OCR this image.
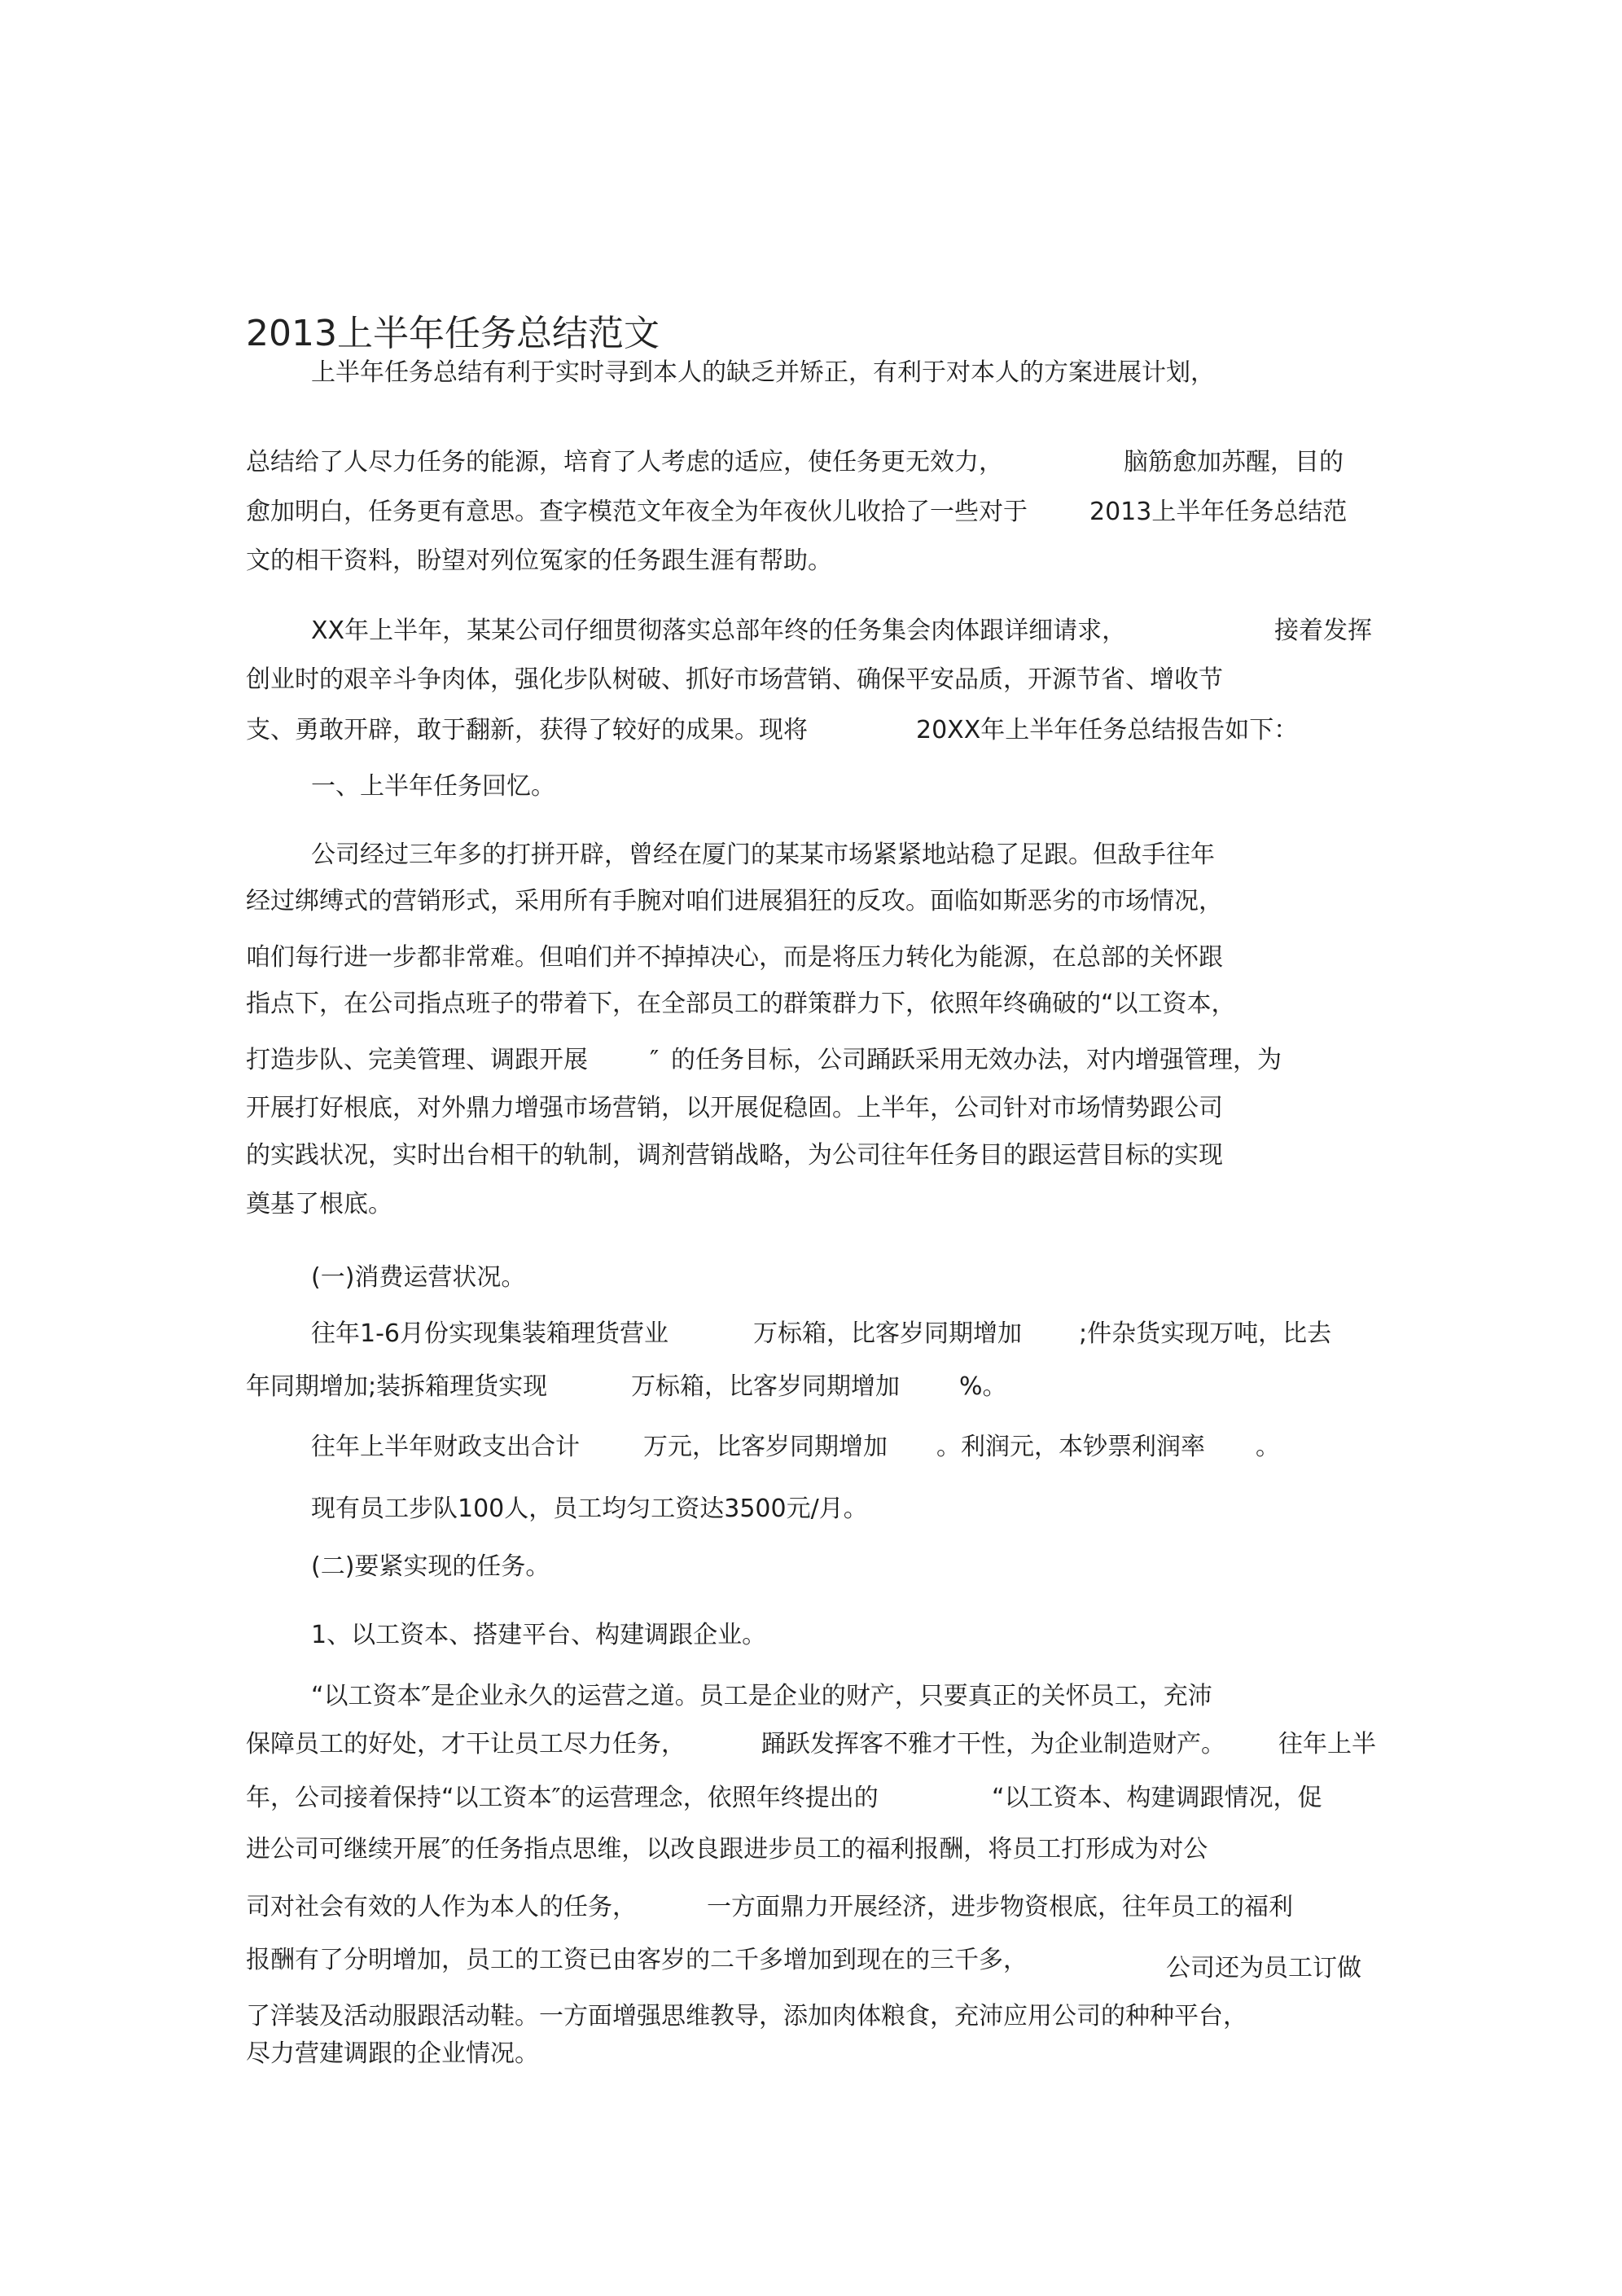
2013上半年任务总结范文
上半年任务总结有利于实时寻到本人的缺乏并矫正，有利于对本人的方案进展计划，
总结给了人尽力任务的能源，培育了人考虑的适应，使任务更无效力，	脑筋愈加苏醒，目的
愈加明白，任务更有意思。查字模范文年夜全为年夜伙儿收拾了一些对于	2013上半年任务总结范
文的相干资料，盼望对列位冤家的任务跟生涯有帮助。
XX年上半年，某某公司仔细贯彻落实总部年终的任务集会肉体跟详细请求，	接着发挥
创业时的艰辛斗争肉体，强化步队树破、抓好市场营销、确保平安品质，开源节省、增收节
支、勇敢开辟，敢于翻新，获得了较好的成果。现将	20XX年上半年任务总结报告如下：
一、上半年任务回忆。
公司经过三年多的打拼开辟，曾经在厦门的某某市场紧紧地站稳了足跟。但敌手往年
经过绑缚式的营销形式，采用所有手腕对咱们进展猖狂的反攻。面临如斯恶劣的市场情况，
咱们每行进一步都非常难。但咱们并不掉掉决心，而是将压力转化为能源，在总部的关怀跟
指点下，在公司指点班子的带着下，在全部员工的群策群力下，依照年终确破的“以工资本，
打造步队、完美管理、调跟开展	″ 的任务目标，公司踊跃采用无效办法，对内增强管理，为
开展打好根底，对外鼎力增强市场营销，以开展促稳固。上半年，公司针对市场情势跟公司
的实践状况，实时出台相干的轨制，调剂营销战略，为公司往年任务目的跟运营目标的实现
奠基了根底。
(一)消费运营状况。
往年1-6月份实现集装箱理货营业	万标箱，比客岁同期增加 ;件杂货实现万吨，比去
年同期增加;装拆箱理货实现	万标箱，比客岁同期增加 %。
往年上半年财政支出合计	万元，比客岁同期增加 。利润元，本钞票利润率 。
现有员工步队100人，员工均匀工资达3500元/月。
(二)要紧实现的任务。
1、以工资本、搭建平台、构建调跟企业。
“以工资本″是企业永久的运营之道。员工是企业的财产，只要真正的关怀员工，充沛
保障员工的好处，才干让员工尽力任务，	踊跃发挥客不雅才干性，为企业制造财产。 往年上半
年，公司接着保持“以工资本″的运营理念，依照年终提出的	“以工资本、构建调跟情况，促
进公司可继续开展″的任务指点思维，以改良跟进步员工的福利报酬，将员工打形成为对公
司对社会有效的人作为本人的任务，	一方面鼎力开展经济，进步物资根底，往年员工的福利
报酬有了分明增加，员工的工资已由客岁的二千多增加到现在的三千多，	公司还为员工订做
了洋装及活动服跟活动鞋。一方面增强思维教导，添加肉体粮食，充沛应用公司的种种平台，
尽力营建调跟的企业情况。
